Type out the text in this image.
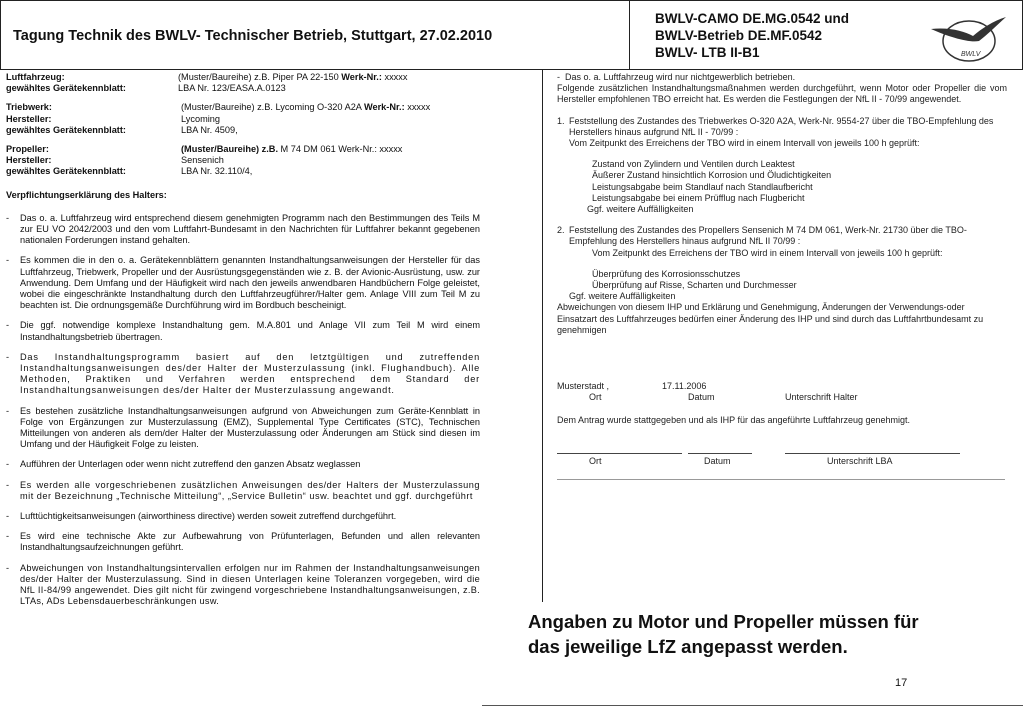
Tagung Technik des BWLV- Technischer Betrieb, Stuttgart, 27.02.2010
BWLV-CAMO DE.MG.0542 und
BWLV-Betrieb DE.MF.0542
BWLV- LTB II-B1	BWLV
Luftfahrzeug:	(Muster/Baureihe) z.B. Piper PA 22-150 Werk-Nr.: xxxxx
gewähltes Gerätekennblatt:	LBA Nr. 123/EASA.A.0123
Triebwerk:	(Muster/Baureihe) z.B. Lycoming O-320 A2A Werk-Nr.: xxxxx
Hersteller:	Lycoming
gewähltes Gerätekennblatt:	LBA Nr. 4509,
Propeller:	(Muster/Baureihe) z.B. M 74 DM 061 Werk-Nr.: xxxxx
Hersteller:	Sensenich
gewähltes Gerätekennblatt:	LBA Nr. 32.110/4,
Verpflichtungserklärung des Halters:
- Das o. a. Luftfahrzeug wird entsprechend diesem genehmigten Programm nach den Bestimmungen des Teils M zur EU VO 2042/2003 und den vom Luftfahrt-Bundesamt in den Nachrichten für Luftfahrer bekannt gegebenen nationalen Forderungen instand gehalten.
- Es kommen die in den o. a. Gerätekennblättern genannten Instandhaltungsanweisungen der Hersteller für das Luftfahrzeug, Triebwerk, Propeller und der Ausrüstungsgegenständen wie z. B. der Avionic-Ausrüstung, usw. zur Anwendung. Dem Umfang und der Häufigkeit wird nach den jeweils anwendbaren Handbüchern Folge geleistet, wobei die eingeschränkte Instandhaltung durch den Luftfahrzeugführer/Halter gem. Anlage VIII zum Teil M zu beachten ist. Die ordnungsgemäße Durchführung wird im Bordbuch bescheinigt.
- Die ggf. notwendige komplexe Instandhaltung gem. M.A.801 und Anlage VII zum Teil M wird einem Instandhaltungsbetrieb übertragen.
- Das Instandhaltungsprogramm basiert auf den letztgültigen und zutreffenden Instandhaltungsanweisungen des/der Halter der Musterzulassung (inkl. Flughandbuch). Alle Methoden, Praktiken und Verfahren werden entsprechend dem Standard der Instandhaltungsanweisungen des/der Halter der Musterzulassung angewandt.
- Es bestehen zusätzliche Instandhaltungsanweisungen aufgrund von Abweichungen zum Geräte-Kennblatt in Folge von Ergänzungen zur Musterzulassung (EMZ), Supplemental Type Certificates (STC), Technischen Mitteilungen von anderen als dem/der Halter der Musterzulassung oder Änderungen am Stück sind diesen im Umfang und der Häufigkeit Folge zu leisten.
- Aufführen der Unterlagen oder wenn nicht zutreffend den ganzen Absatz weglassen
- Es werden alle vorgeschriebenen zusätzlichen Anweisungen des/der Halters der Musterzulassung mit der Bezeichnung „Technische Mitteilung“, „Service Bulletin“ usw. beachtet und ggf. durchgeführt
- Lufttüchtigkeitsanweisungen (airworthiness directive) werden soweit zutreffend durchgeführt.
- Es wird eine technische Akte zur Aufbewahrung von Prüfunterlagen, Befunden und allen relevanten Instandhaltungsaufzeichnungen geführt.
- Abweichungen von Instandhaltungsintervallen erfolgen nur im Rahmen der Instandhaltungsanweisungen des/der Halter der Musterzulassung. Sind in diesen Unterlagen keine Toleranzen vorgegeben, wird die NfL II-84/99 angewendet. Dies gilt nicht für zwingend vorgeschriebene Instandhaltungsanweisungen, z.B. LTAs, ADs Lebensdauerbeschränkungen usw.

-  Das o. a. Luftfahrzeug wird nur nichtgewerblich betrieben.

Folgende zusätzlichen Instandhaltungsmaßnahmen werden durchgeführt, wenn Motor oder Propeller die vom Hersteller empfohlenen TBO erreicht hat. Es werden die Festlegungen der NfL II - 70/99 angewendet.

1. Feststellung des Zustandes des Triebwerkes O-320 A2A, Werk-Nr. 9554-27 über die TBO-Empfehlung des Herstellers hinaus aufgrund NfL II - 70/99 :

Vom Zeitpunkt des Erreichens der TBO wird in einem Intervall von jeweils 100 h geprüft:

Zustand von Zylindern und Ventilen durch Leaktest
Äußerer Zustand hinsichtlich Korrosion und Öludichtigkeiten
Leistungsabgabe beim Standlauf nach Standlaufbericht
Leistungsabgabe bei einem Prüfflug nach Flugbericht

Ggf. weitere Auffälligkeiten

2. Feststellung des Zustandes des Propellers Sensenich M 74 DM 061, Werk-Nr. 21730 über die TBO-Empfehlung des Herstellers hinaus aufgrund NfL II 70/99 :

Vom Zeitpunkt des Erreichens der TBO wird in einem Intervall von jeweils 100 h geprüft:

Überprüfung des Korrosionsschutzes
Überprüfung auf Risse, Scharten und Durchmesser

Ggf. weitere Auffälligkeiten

Abweichungen von diesem IHP und Erklärung und Genehmigung, Änderungen der Verwendungs-oder Einsatzart des Luftfahrzeuges bedürfen einer Änderung des IHP und sind durch das Luftfahrtbundesamt zu genehmigen

Musterstadt ,	17.11.2006
Ort	Datum	Unterschrift Halter

Dem Antrag wurde stattgegeben und als IHP für das angeführte Luftfahrzeug genehmigt.

Ort	Datum	Unterschrift LBA
Angaben zu Motor und Propeller müssen für
das jeweilige LfZ angepasst werden.
17
